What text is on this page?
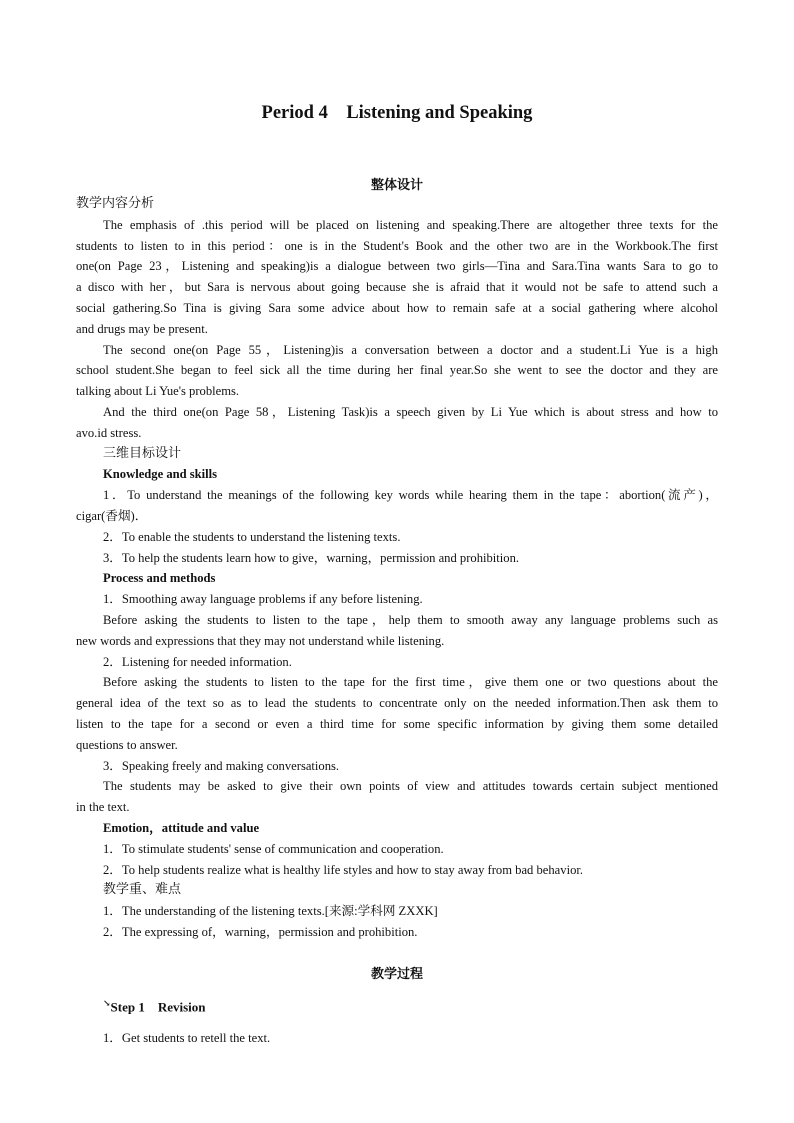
Period 4    Listening and Speaking
整体设计
教学内容分析
The emphasis of .this period will be placed on listening and speaking.There are altogether three texts for the
students to listen to in this period：one is in the Student's Book and the other two are in the Workbook.The first
one(on Page 23，Listening and speaking)is a dialogue between two girls—Tina and Sara.Tina wants Sara to go to
a disco with her，but Sara is nervous about going because she is afraid that it would not be safe to attend such a
social gathering.So Tina is giving Sara some advice about how to remain safe at a social gathering where alcohol
and drugs may be present.
The second one(on Page 55，Listening)is a conversation between a doctor and a student.Li Yue is a high
school student.She began to feel sick all the time during her final year.So she went to see the doctor and they are
talking about Li Yue's problems.
And the third one(on Page 58，Listening Task)is a speech given by Li Yue which is about stress and how to
avo.id stress.
三维目标设计
Knowledge and skills
1．To understand the meanings of the following key words while hearing them in the tape：abortion(流产)，
cigar(香烟)．
2．To enable the students to understand the listening texts.
3．To help the students learn how to give，warning，permission and prohibition.
Process and methods
1．Smoothing away language problems if any before listening.
Before asking the students to listen to the tape，help them to smooth away any language problems such as
new words and expressions that they may not understand while listening.
2．Listening for needed information.
Before asking the students to listen to the tape for the first time，give them one or two questions about the
general idea of the text so as to lead the students to concentrate only on the needed information.Then ask them to
listen to the tape for a second or even a third time for some specific information by giving them some detailed
questions to answer.
3．Speaking freely and making conversations.
The students may be asked to give their own points of view and attitudes towards certain subject mentioned
in the text.
Emotion，attitude and value
1．To stimulate students' sense of communication and cooperation.
2．To help students realize what is healthy life styles and how to stay away from bad behavior.
教学重、难点
1．The understanding of the listening texts.[来源:学科网 ZXXK]
2．The expressing of，warning，permission and prohibition.
教学过程
↘Step 1    Revision
1．Get students to retell the text.
